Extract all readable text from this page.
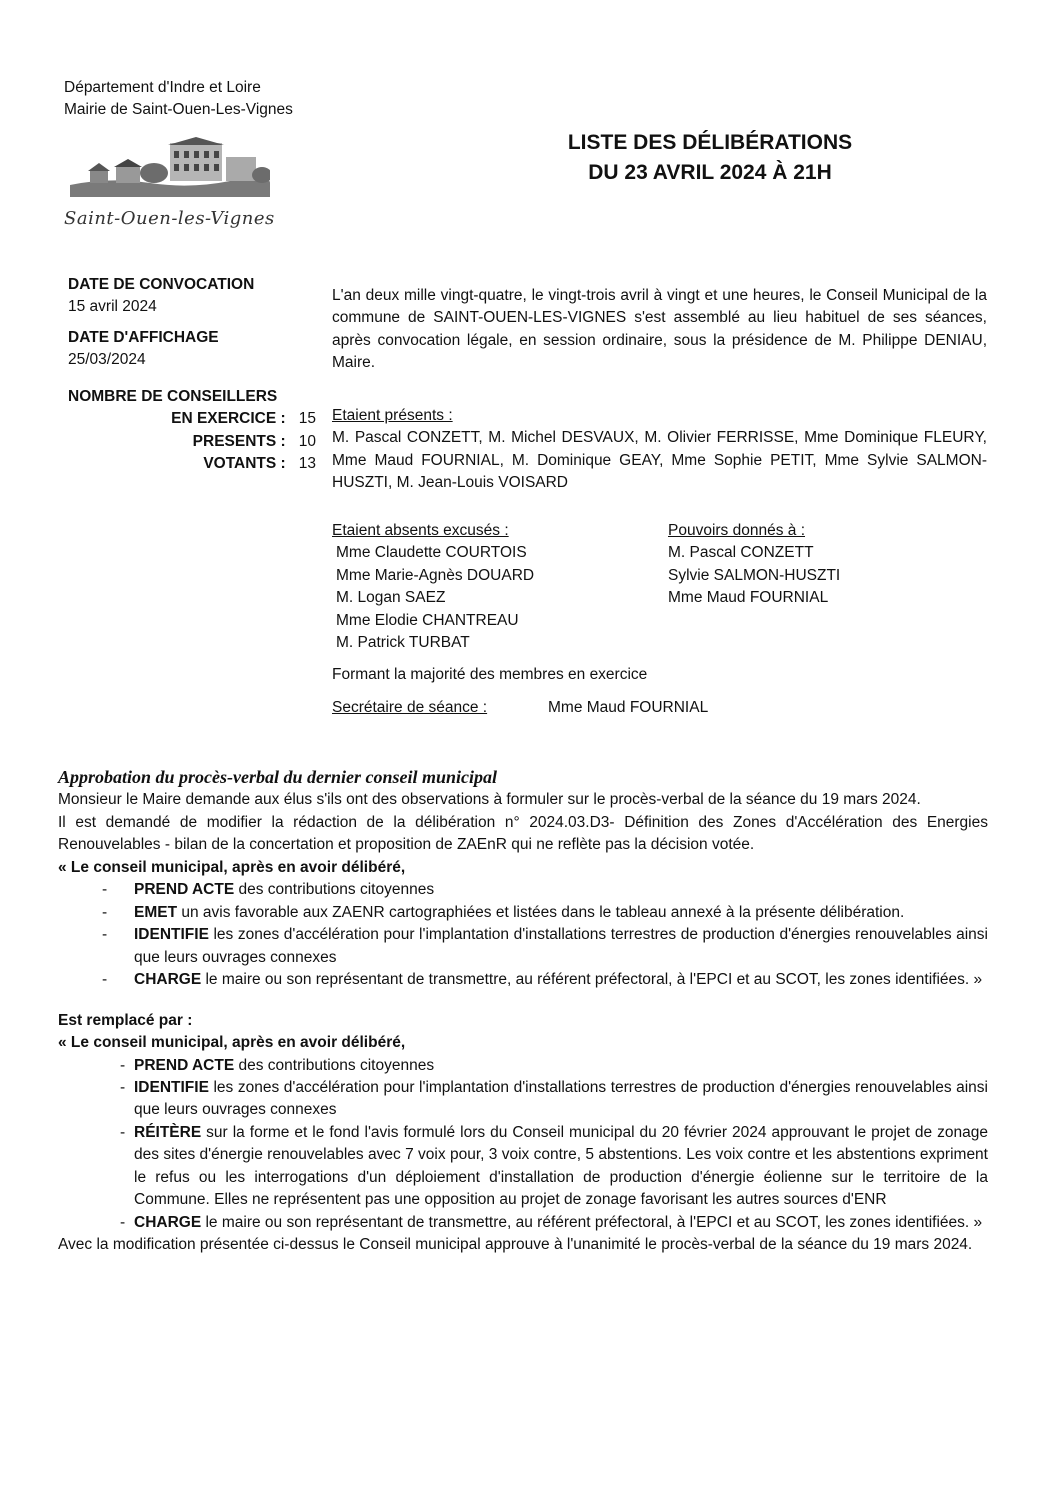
Département d'Indre et Loire
Mairie de Saint-Ouen-Les-Vignes
Saint-Ouen-les-Vignes
LISTE DES DÉLIBÉRATIONS
DU 23 AVRIL 2024 À 21H
DATE DE CONVOCATION
15 avril 2024
DATE D'AFFICHAGE
25/03/2024
NOMBRE DE CONSEILLERS
EN EXERCICE : 15
PRESENTS : 10
VOTANTS : 13
L'an deux mille vingt-quatre, le vingt-trois avril à vingt et une heures, le Conseil Municipal de la commune de SAINT-OUEN-LES-VIGNES s'est assemblé au lieu habituel de ses séances, après convocation légale, en session ordinaire, sous la présidence de M. Philippe DENIAU, Maire.
Etaient présents :
M. Pascal CONZETT, M. Michel DESVAUX, M. Olivier FERRISSE, Mme Dominique FLEURY, Mme Maud FOURNIAL, M. Dominique GEAY, Mme Sophie PETIT, Mme Sylvie SALMON-HUSZTI, M. Jean-Louis VOISARD
Etaient absents excusés :
Mme Claudette COURTOIS
Mme Marie-Agnès DOUARD
M. Logan SAEZ
Mme Elodie CHANTREAU
M. Patrick TURBAT
Pouvoirs donnés à :
M. Pascal CONZETT
Sylvie SALMON-HUSZTI
Mme Maud FOURNIAL
Formant la majorité des membres en exercice
Secrétaire de séance :	Mme Maud FOURNIAL
Approbation du procès-verbal du dernier conseil municipal

Monsieur le Maire demande aux élus s'ils ont des observations à formuler sur le procès-verbal de la séance du 19 mars 2024.

Il est demandé de modifier la rédaction de la délibération n° 2024.03.D3- Définition des Zones d'Accélération des Energies Renouvelables - bilan de la concertation et proposition de ZAEnR qui ne reflète pas la décision votée.

« Le conseil municipal, après en avoir délibéré,
- PREND ACTE des contributions citoyennes
- EMET un avis favorable aux ZAENR cartographiées et listées dans le tableau annexé à la présente délibération.
- IDENTIFIE les zones d'accélération pour l'implantation d'installations terrestres de production d'énergies renouvelables ainsi que leurs ouvrages connexes
- CHARGE le maire ou son représentant de transmettre, au référent préfectoral, à l'EPCI et au SCOT, les zones identifiées. »
Est remplacé par :
« Le conseil municipal, après en avoir délibéré,
- PREND ACTE des contributions citoyennes
- IDENTIFIE les zones d'accélération pour l'implantation d'installations terrestres de production d'énergies renouvelables ainsi que leurs ouvrages connexes
- RÉITÈRE sur la forme et le fond l'avis formulé lors du Conseil municipal du 20 février 2024 approuvant le projet de zonage des sites d'énergie renouvelables avec 7 voix pour, 3 voix contre, 5 abstentions. Les voix contre et les abstentions expriment le refus ou les interrogations d'un déploiement d'installation de production d'énergie éolienne sur le territoire de la Commune. Elles ne représentent pas une opposition au projet de zonage favorisant les autres sources d'ENR
- CHARGE le maire ou son représentant de transmettre, au référent préfectoral, à l'EPCI et au SCOT, les zones identifiées. »

Avec la modification présentée ci-dessus le Conseil municipal approuve à l'unanimité le procès-verbal de la séance du 19 mars 2024.
